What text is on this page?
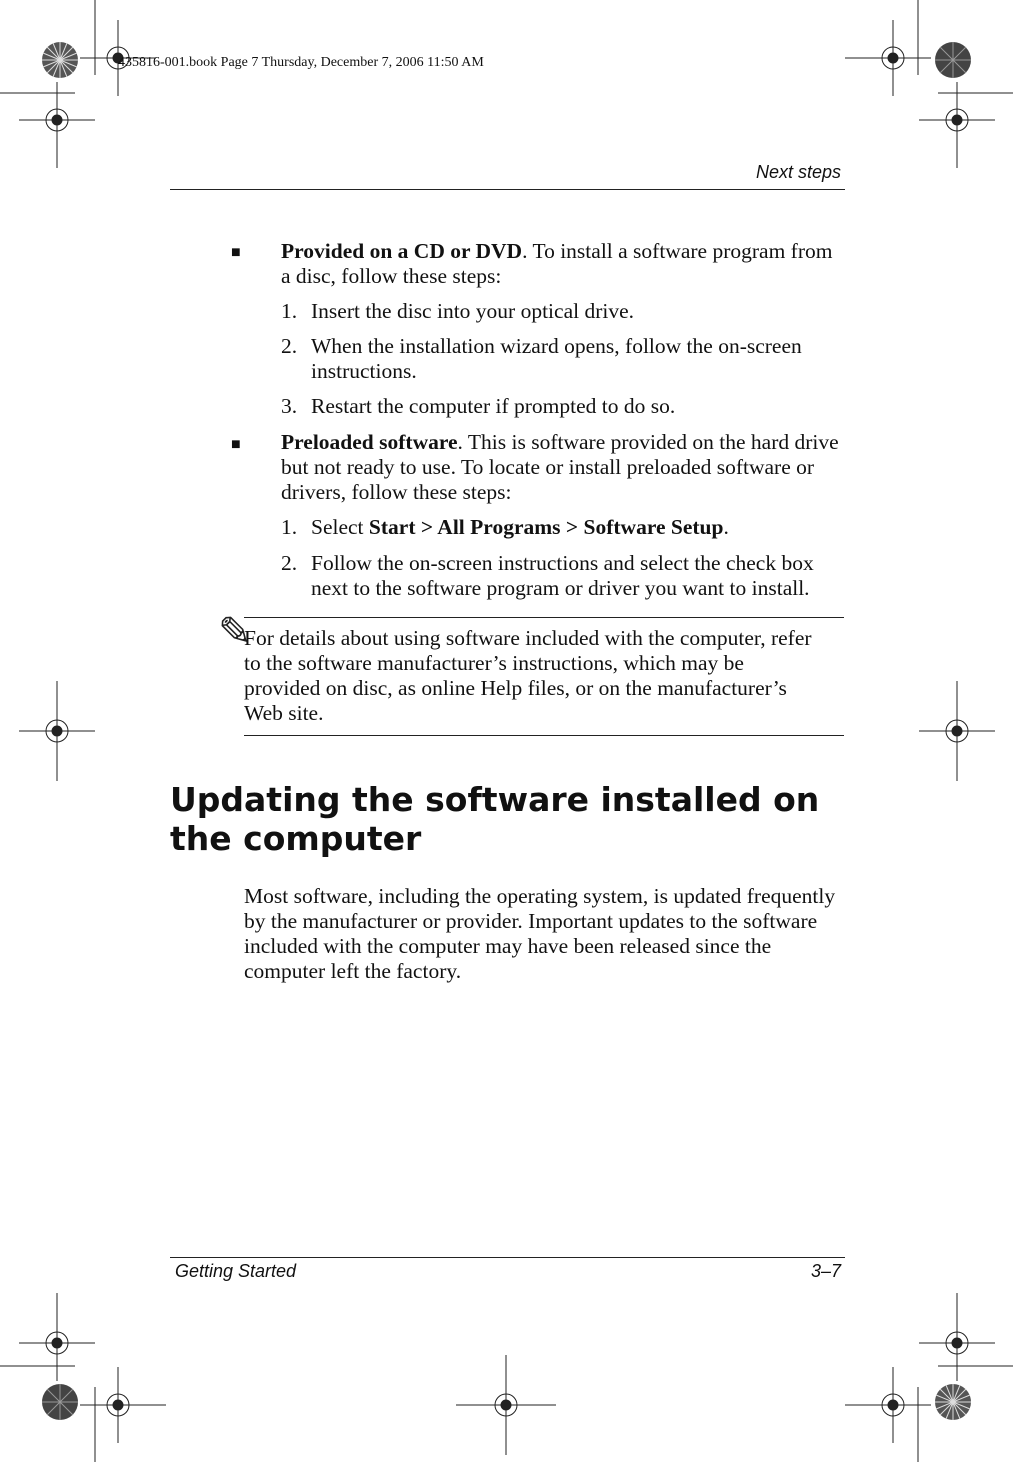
435816-001.book Page 7 Thursday, December 7, 2006 11:50 AM
Next steps
■ Provided on a CD or DVD. To install a software program from a disc, follow these steps:
1. Insert the disc into your optical drive.
2. When the installation wizard opens, follow the on-screen instructions.
3. Restart the computer if prompted to do so.
■ Preloaded software. This is software provided on the hard drive but not ready to use. To locate or install preloaded software or drivers, follow these steps:
1. Select Start > All Programs > Software Setup.
2. Follow the on-screen instructions and select the check box next to the software program or driver you want to install.
✎
For details about using software included with the computer, refer to the software manufacturer’s instructions, which may be provided on disc, as online Help files, or on the manufacturer’s Web site.
Updating the software installed on the computer
Most software, including the operating system, is updated frequently by the manufacturer or provider. Important updates to the software included with the computer may have been released since the computer left the factory.
Getting Started	3–7
